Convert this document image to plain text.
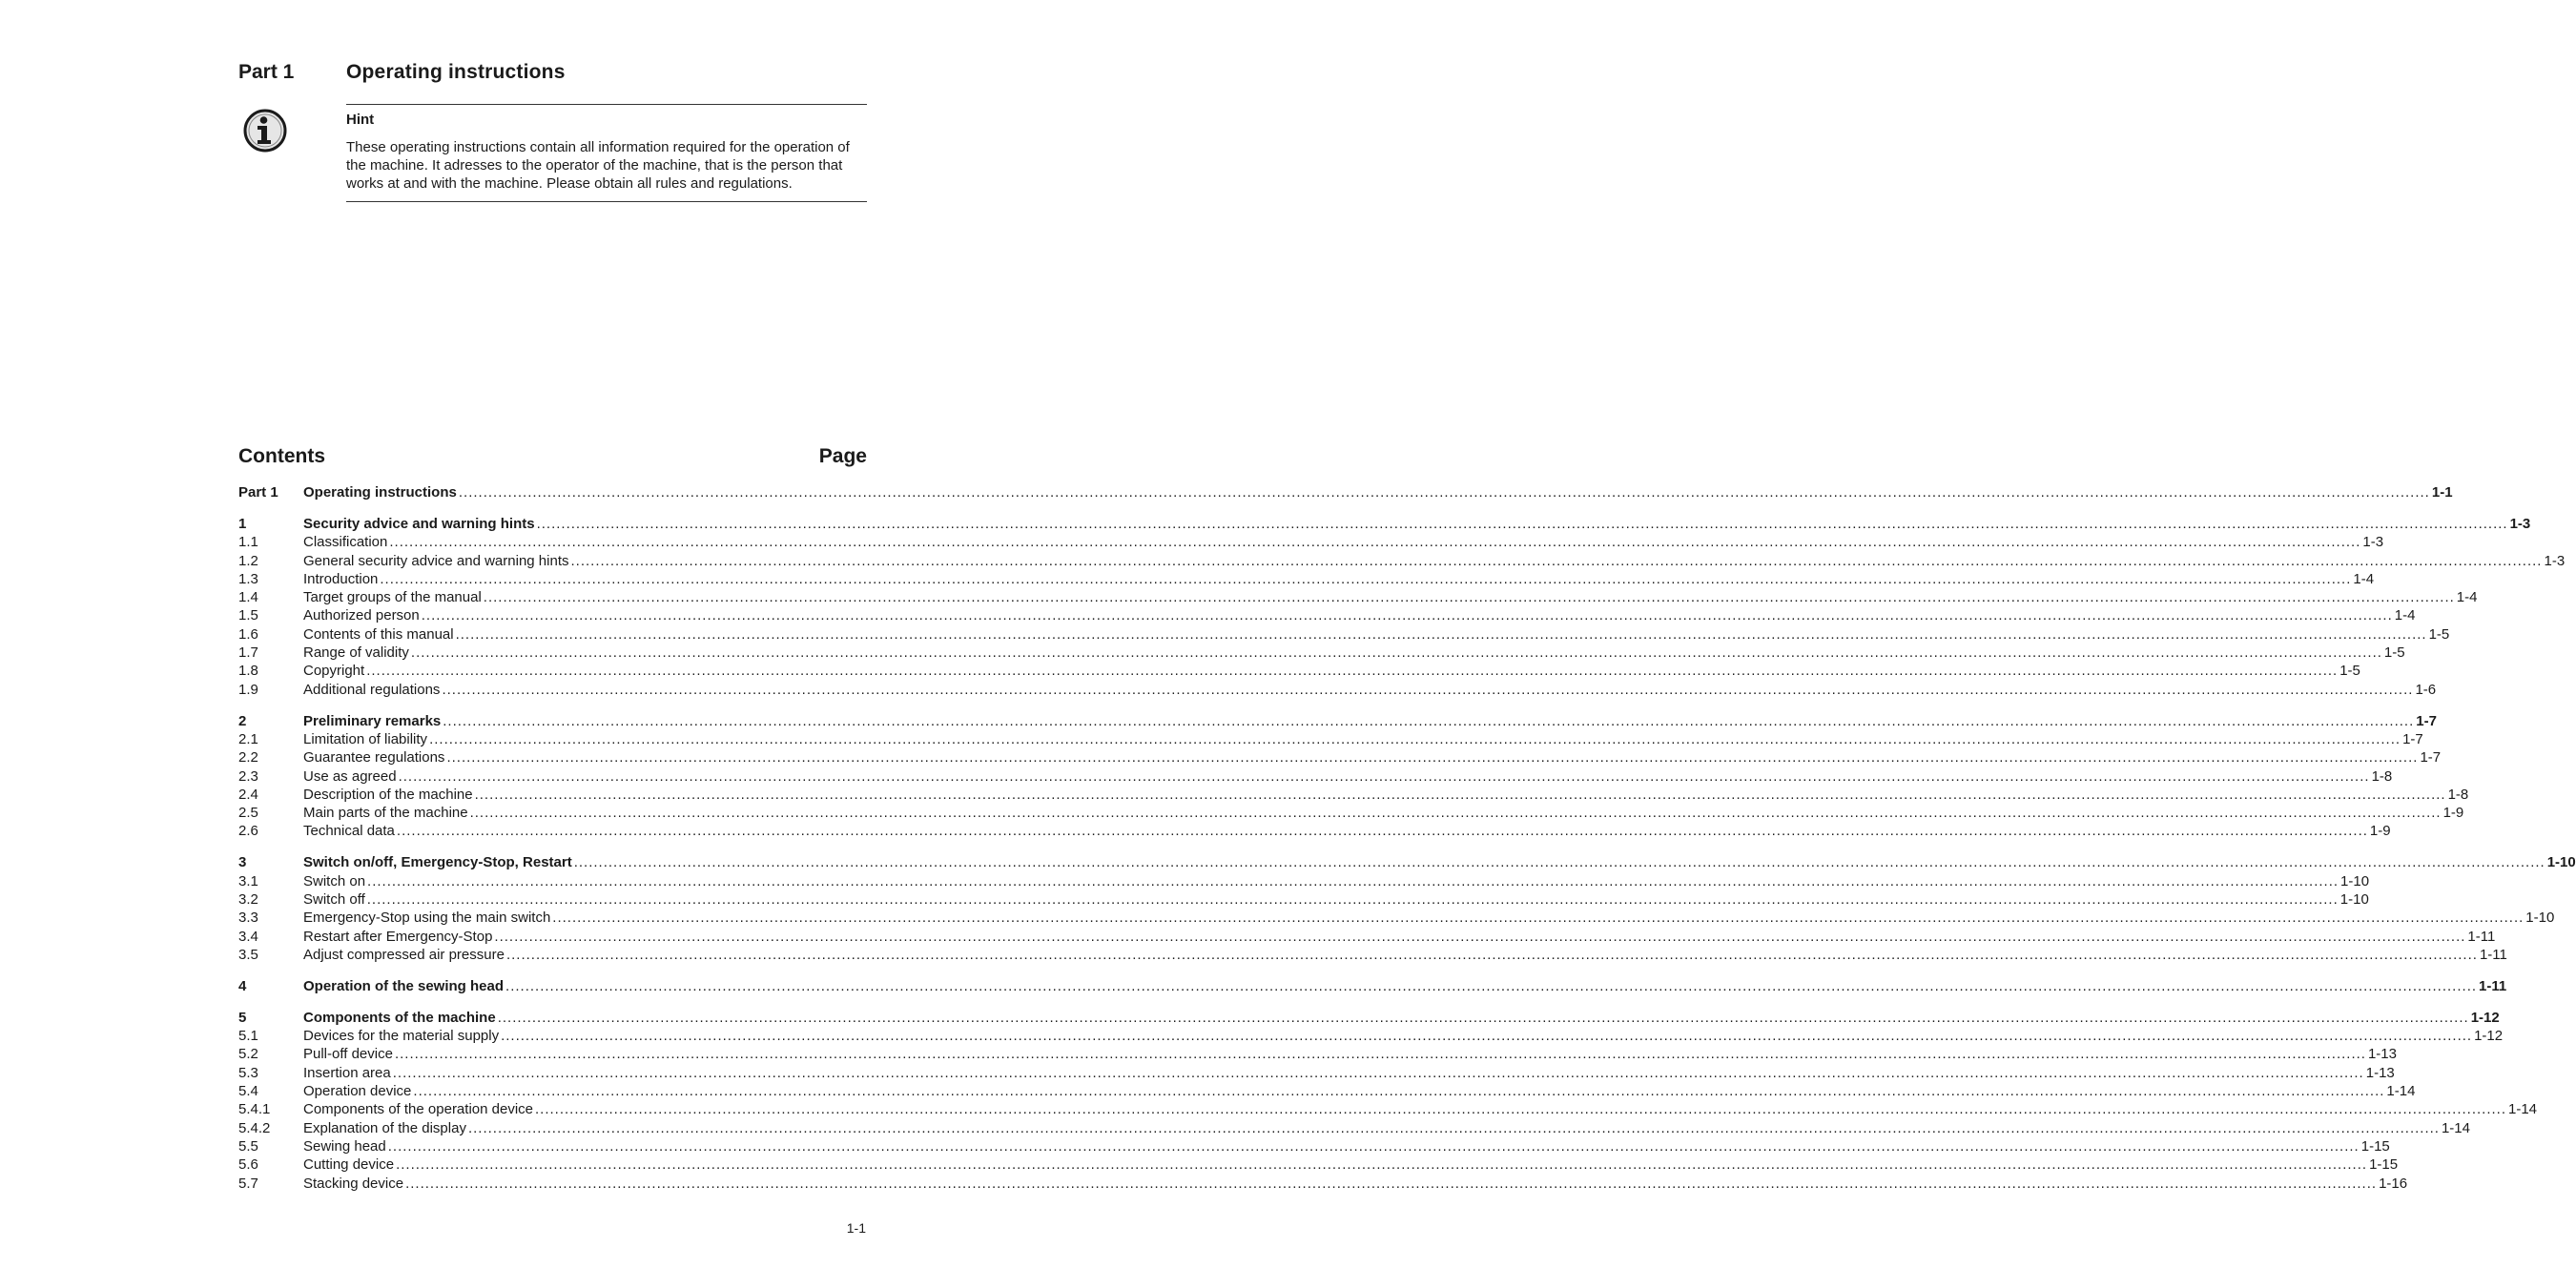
Part 1	Operating instructions
Hint

These operating instructions contain all information required for the operation of the machine. It adresses to the operator of the machine, that is the person that works at and with the machine. Please obtain all rules and regulations.

Contents	Page
Part 1	Operating instructions ................................................................................................................................................................................................................................................................................................................................................................................................................ 1-1
1	Security advice and warning hints ................................................................................................................................................................................................................................................................................................................................................................................................................ 1-3
1.1	Classification ................................................................................................................................................................................................................................................................................................................................................................................................................ 1-3
1.2	General security advice and warning hints ................................................................................................................................................................................................................................................................................................................................................................................................................ 1-3
1.3	Introduction ................................................................................................................................................................................................................................................................................................................................................................................................................ 1-4
1.4	Target groups of the manual ................................................................................................................................................................................................................................................................................................................................................................................................................ 1-4
1.5	Authorized person ................................................................................................................................................................................................................................................................................................................................................................................................................ 1-4
1.6	Contents of this manual ................................................................................................................................................................................................................................................................................................................................................................................................................ 1-5
1.7	Range of validity ................................................................................................................................................................................................................................................................................................................................................................................................................ 1-5
1.8	Copyright ................................................................................................................................................................................................................................................................................................................................................................................................................ 1-5
1.9	Additional regulations ................................................................................................................................................................................................................................................................................................................................................................................................................ 1-6
2	Preliminary remarks ................................................................................................................................................................................................................................................................................................................................................................................................................ 1-7
2.1	Limitation of liability ................................................................................................................................................................................................................................................................................................................................................................................................................ 1-7
2.2	Guarantee regulations ................................................................................................................................................................................................................................................................................................................................................................................................................ 1-7
2.3	Use as agreed ................................................................................................................................................................................................................................................................................................................................................................................................................ 1-8
2.4	Description of the machine ................................................................................................................................................................................................................................................................................................................................................................................................................ 1-8
2.5	Main parts of the machine ................................................................................................................................................................................................................................................................................................................................................................................................................ 1-9
2.6	Technical data ................................................................................................................................................................................................................................................................................................................................................................................................................ 1-9
3	Switch on/off, Emergency-Stop, Restart ................................................................................................................................................................................................................................................................................................................................................................................................................ 1-10
3.1	Switch on ................................................................................................................................................................................................................................................................................................................................................................................................................ 1-10
3.2	Switch off ................................................................................................................................................................................................................................................................................................................................................................................................................ 1-10
3.3	Emergency-Stop using the main switch ................................................................................................................................................................................................................................................................................................................................................................................................................ 1-10
3.4	Restart after Emergency-Stop ................................................................................................................................................................................................................................................................................................................................................................................................................ 1-11
3.5	Adjust compressed air pressure ................................................................................................................................................................................................................................................................................................................................................................................................................ 1-11
4	Operation of the sewing head ................................................................................................................................................................................................................................................................................................................................................................................................................ 1-11
5	Components of the machine ................................................................................................................................................................................................................................................................................................................................................................................................................ 1-12
5.1	Devices for the material supply ................................................................................................................................................................................................................................................................................................................................................................................................................ 1-12
5.2	Pull-off device ................................................................................................................................................................................................................................................................................................................................................................................................................ 1-13
5.3	Insertion area ................................................................................................................................................................................................................................................................................................................................................................................................................ 1-13
5.4	Operation device ................................................................................................................................................................................................................................................................................................................................................................................................................ 1-14
5.4.1	Components of the operation device ................................................................................................................................................................................................................................................................................................................................................................................................................ 1-14
5.4.2	Explanation of the display ................................................................................................................................................................................................................................................................................................................................................................................................................ 1-14
5.5	Sewing head ................................................................................................................................................................................................................................................................................................................................................................................................................ 1-15
5.6	Cutting device ................................................................................................................................................................................................................................................................................................................................................................................................................ 1-15
5.7	Stacking device ................................................................................................................................................................................................................................................................................................................................................................................................................ 1-16
1-1
